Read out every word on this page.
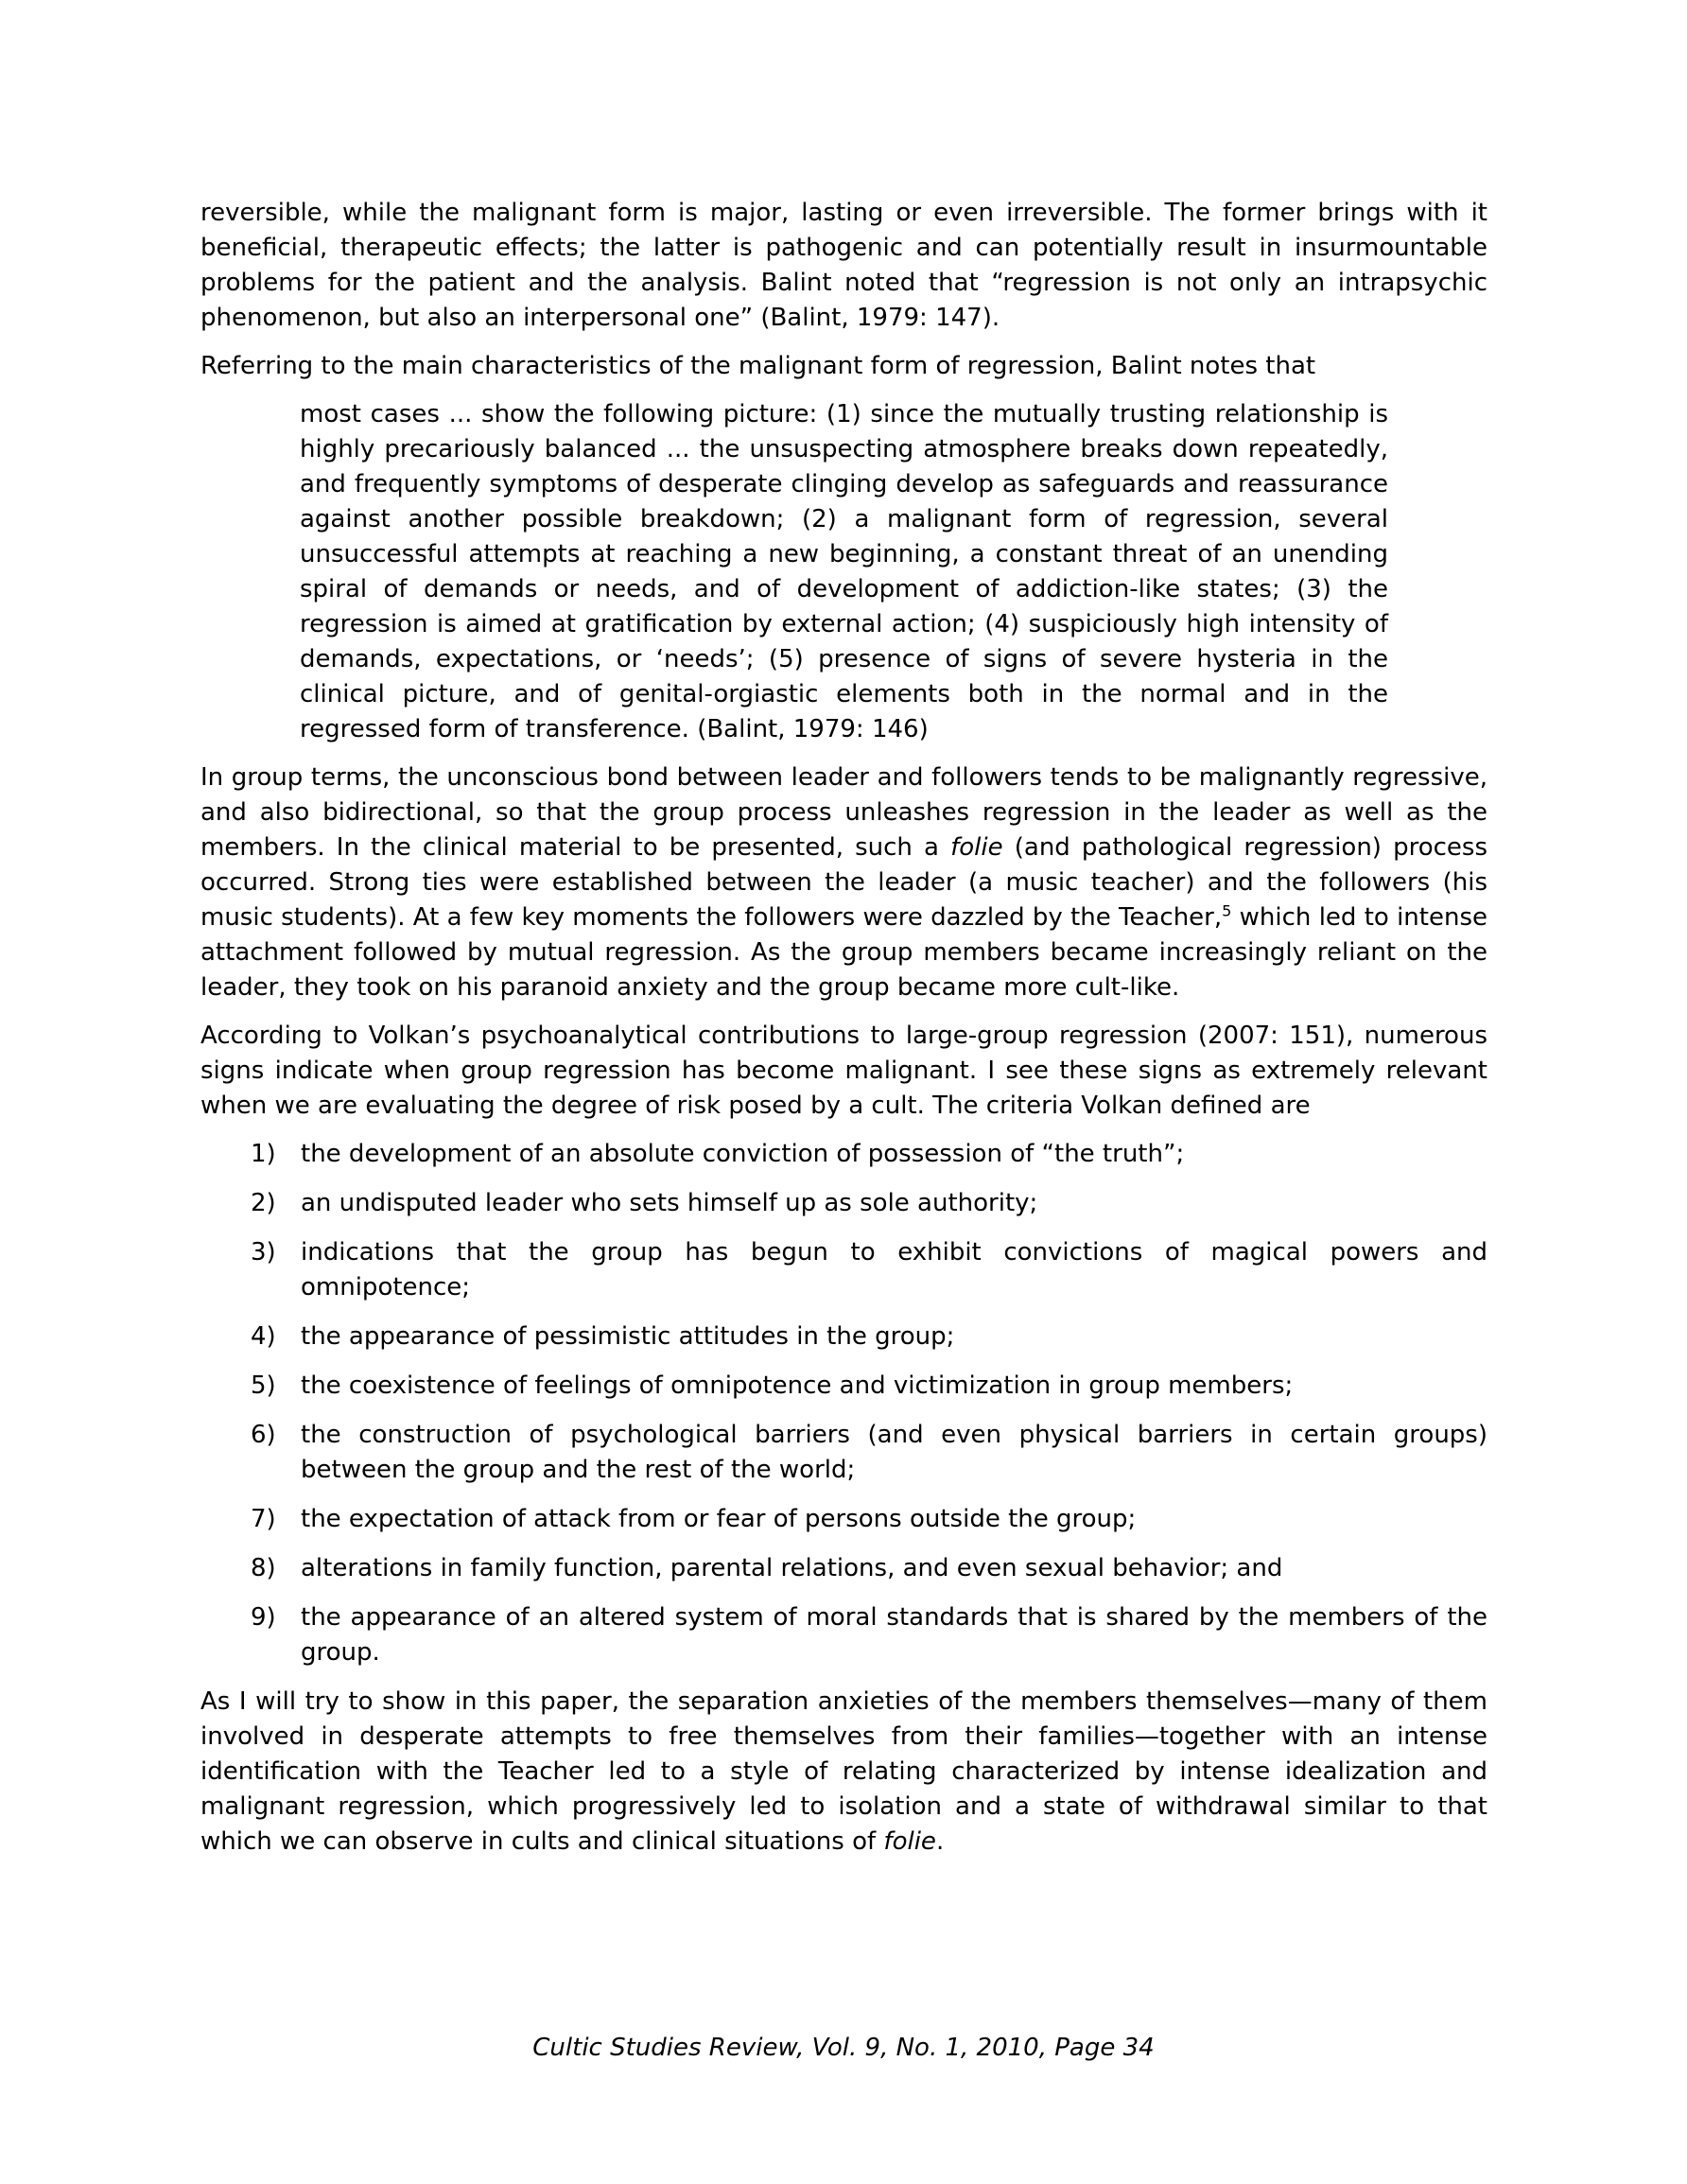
reversible, while the malignant form is major, lasting or even irreversible. The former brings with it beneficial, therapeutic effects; the latter is pathogenic and can potentially result in insurmountable problems for the patient and the analysis. Balint noted that “regression is not only an intrapsychic phenomenon, but also an interpersonal one” (Balint, 1979: 147).

Referring to the main characteristics of the malignant form of regression, Balint notes that

most cases ... show the following picture: (1) since the mutually trusting relationship is highly precariously balanced ... the unsuspecting atmosphere breaks down repeatedly, and frequently symptoms of desperate clinging develop as safeguards and reassurance against another possible breakdown; (2) a malignant form of regression, several unsuccessful attempts at reaching a new beginning, a constant threat of an unending spiral of demands or needs, and of development of addiction-like states; (3) the regression is aimed at gratification by external action; (4) suspiciously high intensity of demands, expectations, or ‘needs’; (5) presence of signs of severe hysteria in the clinical picture, and of genital-orgiastic elements both in the normal and in the regressed form of transference. (Balint, 1979: 146)

In group terms, the unconscious bond between leader and followers tends to be malignantly regressive, and also bidirectional, so that the group process unleashes regression in the leader as well as the members. In the clinical material to be presented, such a folie (and pathological regression) process occurred. Strong ties were established between the leader (a music teacher) and the followers (his music students). At a few key moments the followers were dazzled by the Teacher,$^5$ which led to intense attachment followed by mutual regression. As the group members became increasingly reliant on the leader, they took on his paranoid anxiety and the group became more cult-like.

According to Volkan’s psychoanalytical contributions to large-group regression (2007: 151), numerous signs indicate when group regression has become malignant. I see these signs as extremely relevant when we are evaluating the degree of risk posed by a cult. The criteria Volkan defined are

1) the development of an absolute conviction of possession of “the truth”;
2) an undisputed leader who sets himself up as sole authority;
3) indications that the group has begun to exhibit convictions of magical powers and omnipotence;
4) the appearance of pessimistic attitudes in the group;
5) the coexistence of feelings of omnipotence and victimization in group members;
6) the construction of psychological barriers (and even physical barriers in certain groups) between the group and the rest of the world;
7) the expectation of attack from or fear of persons outside the group;
8) alterations in family function, parental relations, and even sexual behavior; and
9) the appearance of an altered system of moral standards that is shared by the members of the group.

As I will try to show in this paper, the separation anxieties of the members themselves—many of them involved in desperate attempts to free themselves from their families—together with an intense identification with the Teacher led to a style of relating characterized by intense idealization and malignant regression, which progressively led to isolation and a state of withdrawal similar to that which we can observe in cults and clinical situations of folie.

Cultic Studies Review, Vol. 9, No. 1, 2010, Page 34
